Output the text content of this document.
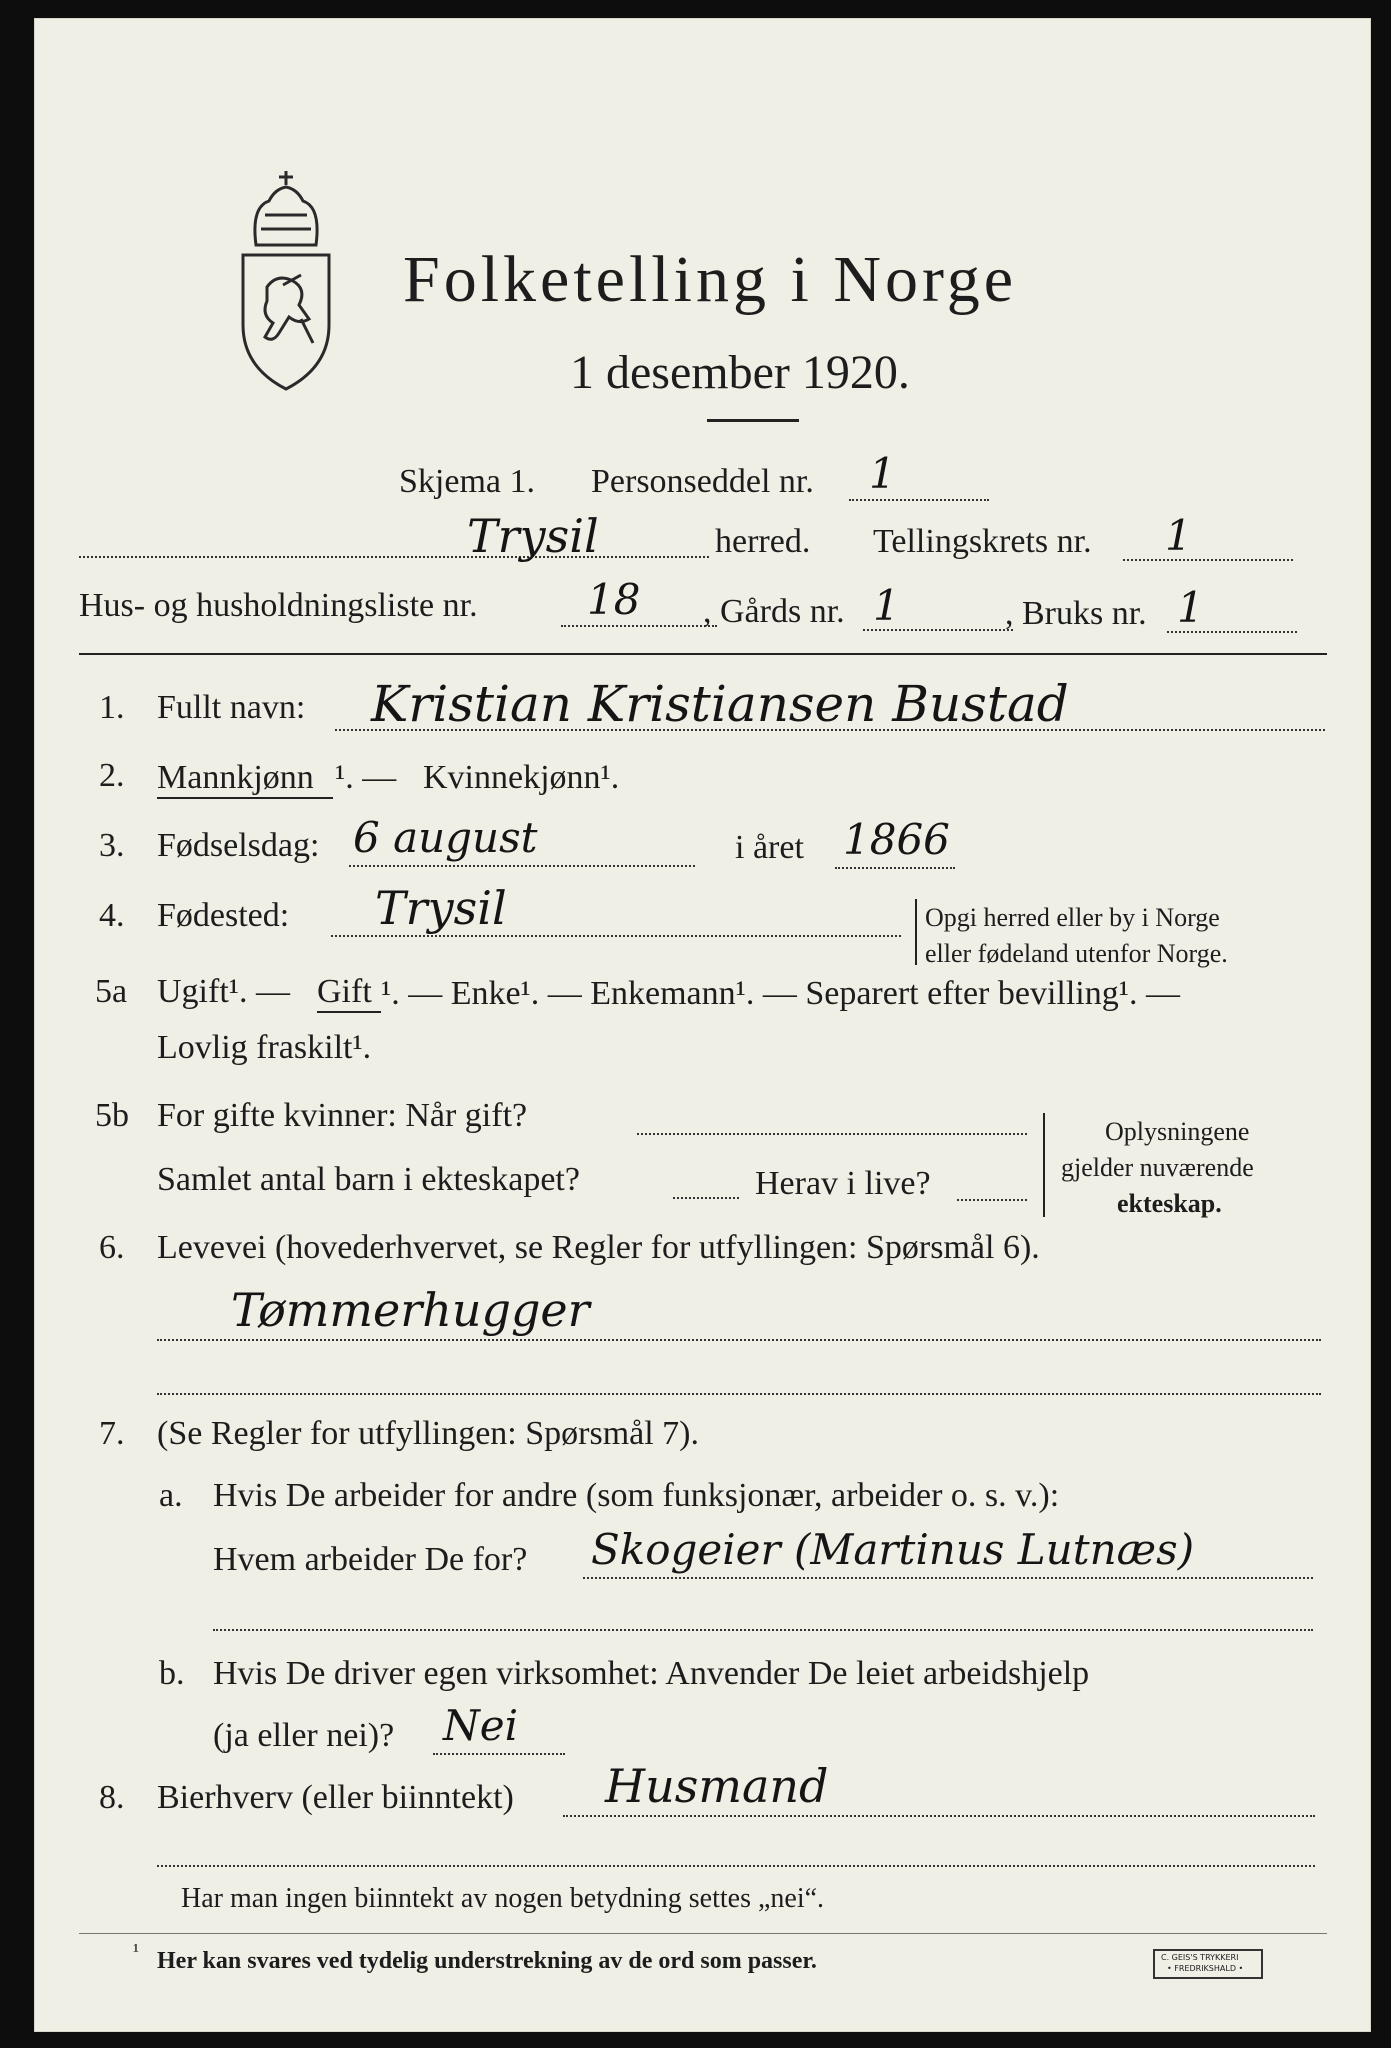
Folketelling i Norge
1 desember 1920.
Skjema 1. Personseddel nr. 1
Trysil	herred. Tellingskrets nr. 1
Hus- og husholdningsliste nr.	18 , Gårds nr. 1	, Bruks nr. 1
1. Fullt navn: Kristian Kristiansen Bustad
2. Mannkjønn ¹. — Kvinnekjønn¹.
3. Fødselsdag: 6 august	i året 1866
4. Fødested: Trysil	Opgi herred eller by i Norge
eller fødeland utenfor Norge.
5a Ugift¹. — Gift ¹. — Enke¹. — Enkemann¹. — Separert efter bevilling¹. —
Lovlig fraskilt¹.
5b For gifte kvinner: Når gift?
Samlet antal barn i ekteskapet?	Herav i live?
Oplysningene
gjelder nuværende
ekteskap.
6. Levevei (hovederhvervet, se Regler for utfyllingen: Spørsmål 6).
Tømmerhugger
7. (Se Regler for utfyllingen: Spørsmål 7).
a. Hvis De arbeider for andre (som funksjonær, arbeider o. s. v.):
Hvem arbeider De for? Skogeier (Martinus Lutnæs)
b. Hvis De driver egen virksomhet: Anvender De leiet arbeidshjelp
(ja eller nei)? Nei
8. Bierhverv (eller biinntekt) Husmand
Har man ingen biinntekt av nogen betydning settes „nei“.
¹ Her kan svares ved tydelig understrekning av de ord som passer.	C. GEIS'S TRYKKERI
• FREDRIKSHALD •
